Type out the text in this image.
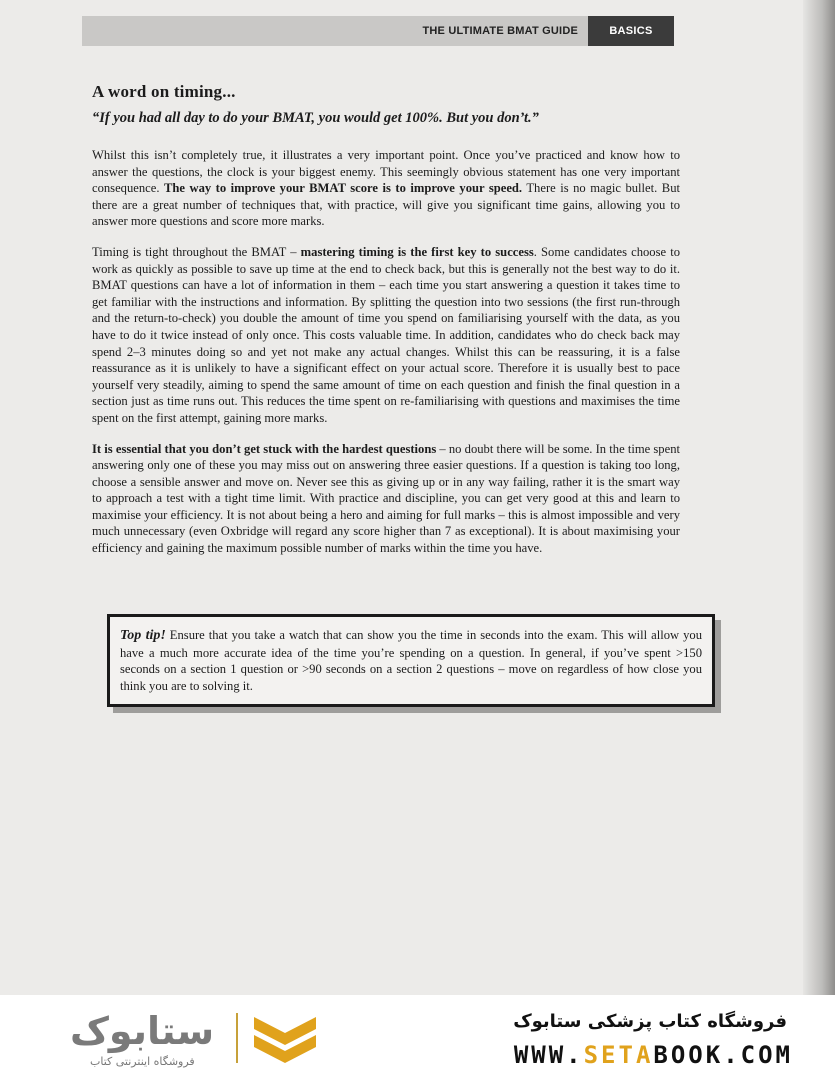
THE ULTIMATE BMAT GUIDE	BASICS
A word on timing...

“If you had all day to do your BMAT, you would get 100%. But you don’t.”

Whilst this isn’t completely true, it illustrates a very important point. Once you’ve practiced and know how to answer the questions, the clock is your biggest enemy. This seemingly obvious statement has one very important consequence. The way to improve your BMAT score is to improve your speed. There is no magic bullet. But there are a great number of techniques that, with practice, will give you significant time gains, allowing you to answer more questions and score more marks.

Timing is tight throughout the BMAT – mastering timing is the first key to success. Some candidates choose to work as quickly as possible to save up time at the end to check back, but this is generally not the best way to do it. BMAT questions can have a lot of information in them – each time you start answering a question it takes time to get familiar with the instructions and information. By splitting the question into two sessions (the first run-through and the return-to-check) you double the amount of time you spend on familiarising yourself with the data, as you have to do it twice instead of only once. This costs valuable time. In addition, candidates who do check back may spend 2–3 minutes doing so and yet not make any actual changes. Whilst this can be reassuring, it is a false reassurance as it is unlikely to have a significant effect on your actual score. Therefore it is usually best to pace yourself very steadily, aiming to spend the same amount of time on each question and finish the final question in a section just as time runs out. This reduces the time spent on re-familiarising with questions and maximises the time spent on the first attempt, gaining more marks.

It is essential that you don’t get stuck with the hardest questions – no doubt there will be some. In the time spent answering only one of these you may miss out on answering three easier questions. If a question is taking too long, choose a sensible answer and move on. Never see this as giving up or in any way failing, rather it is the smart way to approach a test with a tight time limit. With practice and discipline, you can get very good at this and learn to maximise your efficiency. It is not about being a hero and aiming for full marks – this is almost impossible and very much unnecessary (even Oxbridge will regard any score higher than 7 as exceptional). It is about maximising your efficiency and gaining the maximum possible number of marks within the time you have.

Top tip! Ensure that you take a watch that can show you the time in seconds into the exam. This will allow you have a much more accurate idea of the time you’re spending on a question. In general, if you’ve spent >150 seconds on a section 1 question or >90 seconds on a section 2 questions – move on regardless of how close you think you are to solving it.
ستابوک
فروشگاه اینترنتی کتاب
فروشگاه کتاب پزشکی ستابوک
WWW.SETABOOK.COM
